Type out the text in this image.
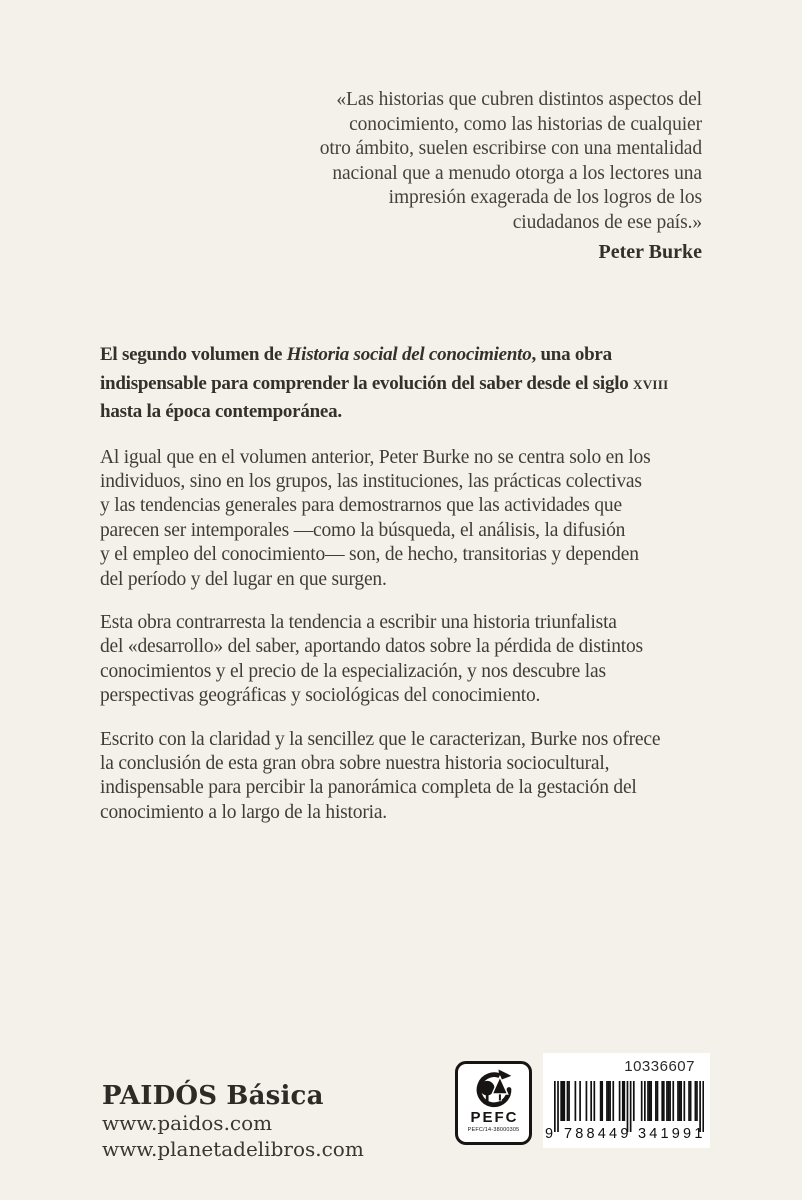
«Las historias que cubren distintos aspectos del
conocimiento, como las historias de cualquier
otro ámbito, suelen escribirse con una mentalidad
nacional que a menudo otorga a los lectores una
impresión exagerada de los logros de los
ciudadanos de ese país.»
Peter Burke
El segundo volumen de Historia social del conocimiento, una obra
indispensable para comprender la evolución del saber desde el siglo xviii
hasta la época contemporánea.
Al igual que en el volumen anterior, Peter Burke no se centra solo en los
individuos, sino en los grupos, las instituciones, las prácticas colectivas
y las tendencias generales para demostrarnos que las actividades que
parecen ser intemporales —como la búsqueda, el análisis, la difusión
y el empleo del conocimiento— son, de hecho, transitorias y dependen
del período y del lugar en que surgen.
Esta obra contrarresta la tendencia a escribir una historia triunfalista
del «desarrollo» del saber, aportando datos sobre la pérdida de distintos
conocimientos y el precio de la especialización, y nos descubre las
perspectivas geográficas y sociológicas del conocimiento.
Escrito con la claridad y la sencillez que le caracterizan, Burke nos ofrece
la conclusión de esta gran obra sobre nuestra historia sociocultural,
indispensable para percibir la panorámica completa de la gestación del
conocimiento a lo largo de la historia.
PAIDÓS Básica
www.paidos.com
www.planetadelibros.com
PEFC
PEFC/14-38000305
10336607
9 788449 341991
